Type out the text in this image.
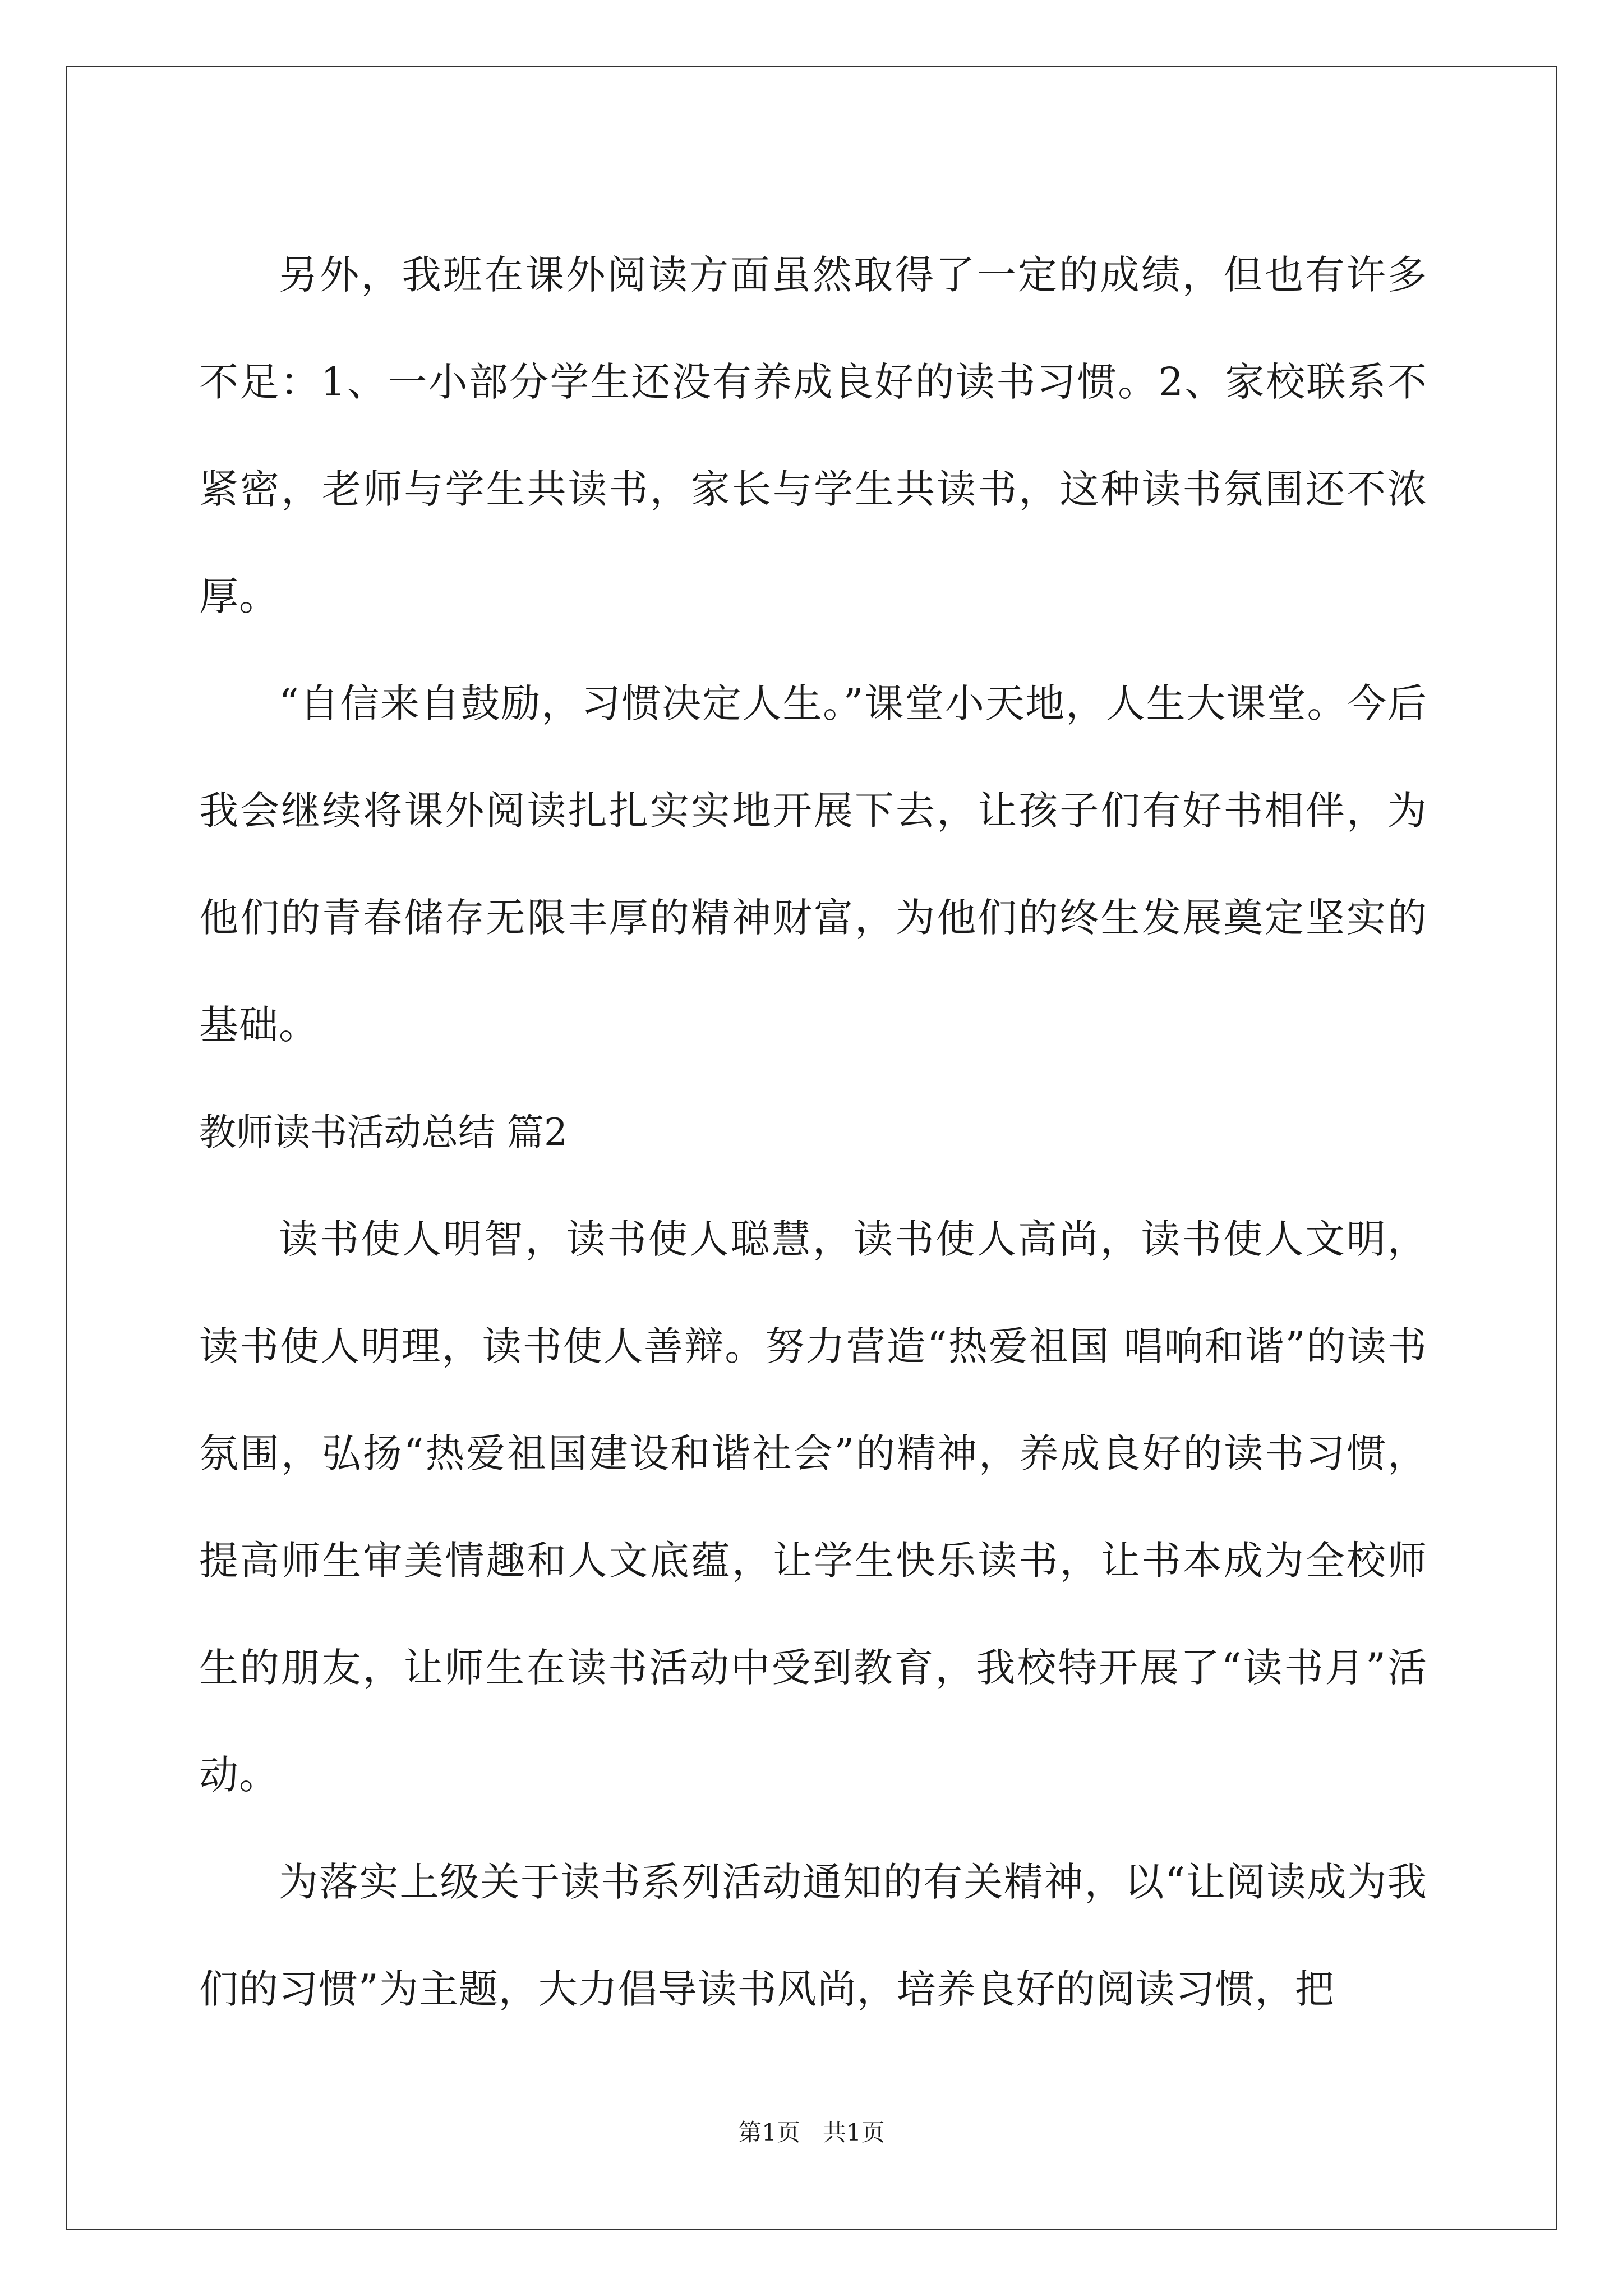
另外，我班在课外阅读方面虽然取得了一定的成绩，但也有许多不足：1、一小部分学生还没有养成良好的读书习惯。2、家校联系不紧密，老师与学生共读书，家长与学生共读书，这种读书氛围还不浓厚。

“自信来自鼓励，习惯决定人生。”课堂小天地，人生大课堂。今后我会继续将课外阅读扎扎实实地开展下去，让孩子们有好书相伴，为他们的青春储存无限丰厚的精神财富，为他们的终生发展奠定坚实的基础。

教师读书活动总结 篇2

读书使人明智，读书使人聪慧，读书使人高尚，读书使人文明，读书使人明理，读书使人善辩。努力营造“热爱祖国 唱响和谐”的读书氛围，弘扬“热爱祖国建设和谐社会”的精神，养成良好的读书习惯，提高师生审美情趣和人文底蕴，让学生快乐读书，让书本成为全校师生的朋友，让师生在读书活动中受到教育，我校特开展了“读书月”活动。

为落实上级关于读书系列活动通知的有关精神，以“让阅读成为我们的习惯”为主题，大力倡导读书风尚，培养良好的阅读习惯，把

第1页 共1页
